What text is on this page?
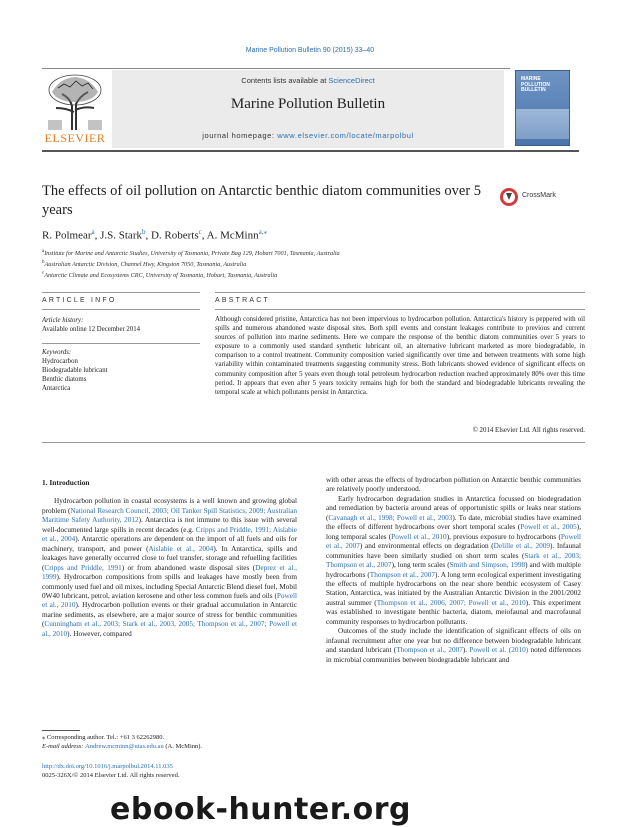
Marine Pollution Bulletin 90 (2015) 33–40
ELSEVIER
Contents lists available at ScienceDirect
Marine Pollution Bulletin
journal homepage: www.elsevier.com/locate/marpolbul
MARINE POLLUTION BULLETIN
The effects of oil pollution on Antarctic benthic diatom communities over 5 years
CrossMark
R. Polmear$^a$, J.S. Stark$^b$, D. Roberts$^c$, A. McMinn$^{a,⁎}$
$^a$Institute for Marine and Antarctic Studies, University of Tasmania, Private Bag 129, Hobart 7001, Tasmania, Australia
$^b$Australian Antarctic Division, Channel Hwy, Kingston 7050, Tasmania, Australia
$^c$Antarctic Climate and Ecosystems CRC, University of Tasmania, Hobart, Tasmania, Australia
ARTICLE INFO	ABSTRACT
Article history:
Available online 12 December 2014
Keywords:
Hydrocarbon
Biodegradable lubricant
Benthic diatoms
Antarctica
Although considered pristine, Antarctica has not been impervious to hydrocarbon pollution. Antarctica's history is peppered with oil spills and numerous abandoned waste disposal sites. Both spill events and constant leakages contribute to previous and current sources of pollution into marine sediments. Here we compare the response of the benthic diatom communities over 5 years to exposure to a commonly used standard synthetic lubricant oil, an alternative lubricant marketed as more biodegradable, in comparison to a control treatment. Community composition varied significantly over time and between treatments with some high variability within contaminated treatments suggesting community stress. Both lubricants showed evidence of significant effects on community composition after 5 years even though total petroleum hydrocarbon reduction reached approximately 80% over this time period. It appears that even after 5 years toxicity remains high for both the standard and biodegradable lubricants revealing the temporal scale at which pollutants persist in Antarctica.
© 2014 Elsevier Ltd. All rights reserved.
1. Introduction

Hydrocarbon pollution in coastal ecosystems is a well known and growing global problem (National Research Council, 2003; Oil Tanker Spill Statistics, 2009; Australian Maritime Safety Authority, 2012). Antarctica is not immune to this issue with several well-documented large spills in recent decades (e.g. Cripps and Priddle, 1991; Aislabie et al., 2004). Antarctic operations are dependent on the import of all fuels and oils for machinery, transport, and power (Aislabie et al., 2004). In Antarctica, spills and leakages have generally occurred close to fuel transfer, storage and refuelling facilities (Cripps and Priddle, 1991) or from abandoned waste disposal sites (Deprez et al., 1999). Hydrocarbon compositions from spills and leakages have mostly been from commonly used fuel and oil mixes, including Special Antarctic Blend diesel fuel, Mobil 0W40 lubricant, petrol, aviation kerosene and other less common fuels and oils (Powell et al., 2010). Hydrocarbon pollution events or their gradual accumulation in Antarctic marine sediments, as elsewhere, are a major source of stress for benthic communities (Cunningham et al., 2003; Stark et al., 2003, 2005; Thompson et al., 2007; Powell et al., 2010). However, compared

with other areas the effects of hydrocarbon pollution on Antarctic benthic communities are relatively poorly understood.

Early hydrocarbon degradation studies in Antarctica focussed on biodegradation and remediation by bacteria around areas of opportunistic spills or leaks near stations (Cavanagh et al., 1998; Powell et al., 2003). To date, microbial studies have examined the effects of different hydrocarbons over short temporal scales (Powell et al., 2005), long temporal scales (Powell et al., 2010), previous exposure to hydrocarbons (Powell et al., 2007) and environmental effects on degradation (Delille et al., 2009). Infaunal communities have been similarly studied on short term scales (Stark et al., 2003; Thompson et al., 2007), long term scales (Smith and Simpson, 1998) and with multiple hydrocarbons (Thompson et al., 2007). A long term ecological experiment investigating the effects of multiple hydrocarbons on the near shore benthic ecosystem of Casey Station, Antarctica, was initiated by the Australian Antarctic Division in the 2001/2002 austral summer (Thompson et al., 2006, 2007; Powell et al., 2010). This experiment was established to investigate benthic bacteria, diatom, meiofaunal and macrofaunal community responses to hydrocarbon pollutants.

Outcomes of the study include the identification of significant effects of oils on infaunal recruitment after one year but no difference between biodegradable lubricant and standard lubricant (Thompson et al., 2007). Powell et al. (2010) noted differences in microbial communities between biodegradable lubricant and

⁎ Corresponding author. Tel.: +61 3 62262980.
E-mail address: Andrew.mcminn@utas.edu.au (A. McMinn).
http://dx.doi.org/10.1016/j.marpolbul.2014.11.035
0025-326X/© 2014 Elsevier Ltd. All rights reserved.
ebook-hunter.org
